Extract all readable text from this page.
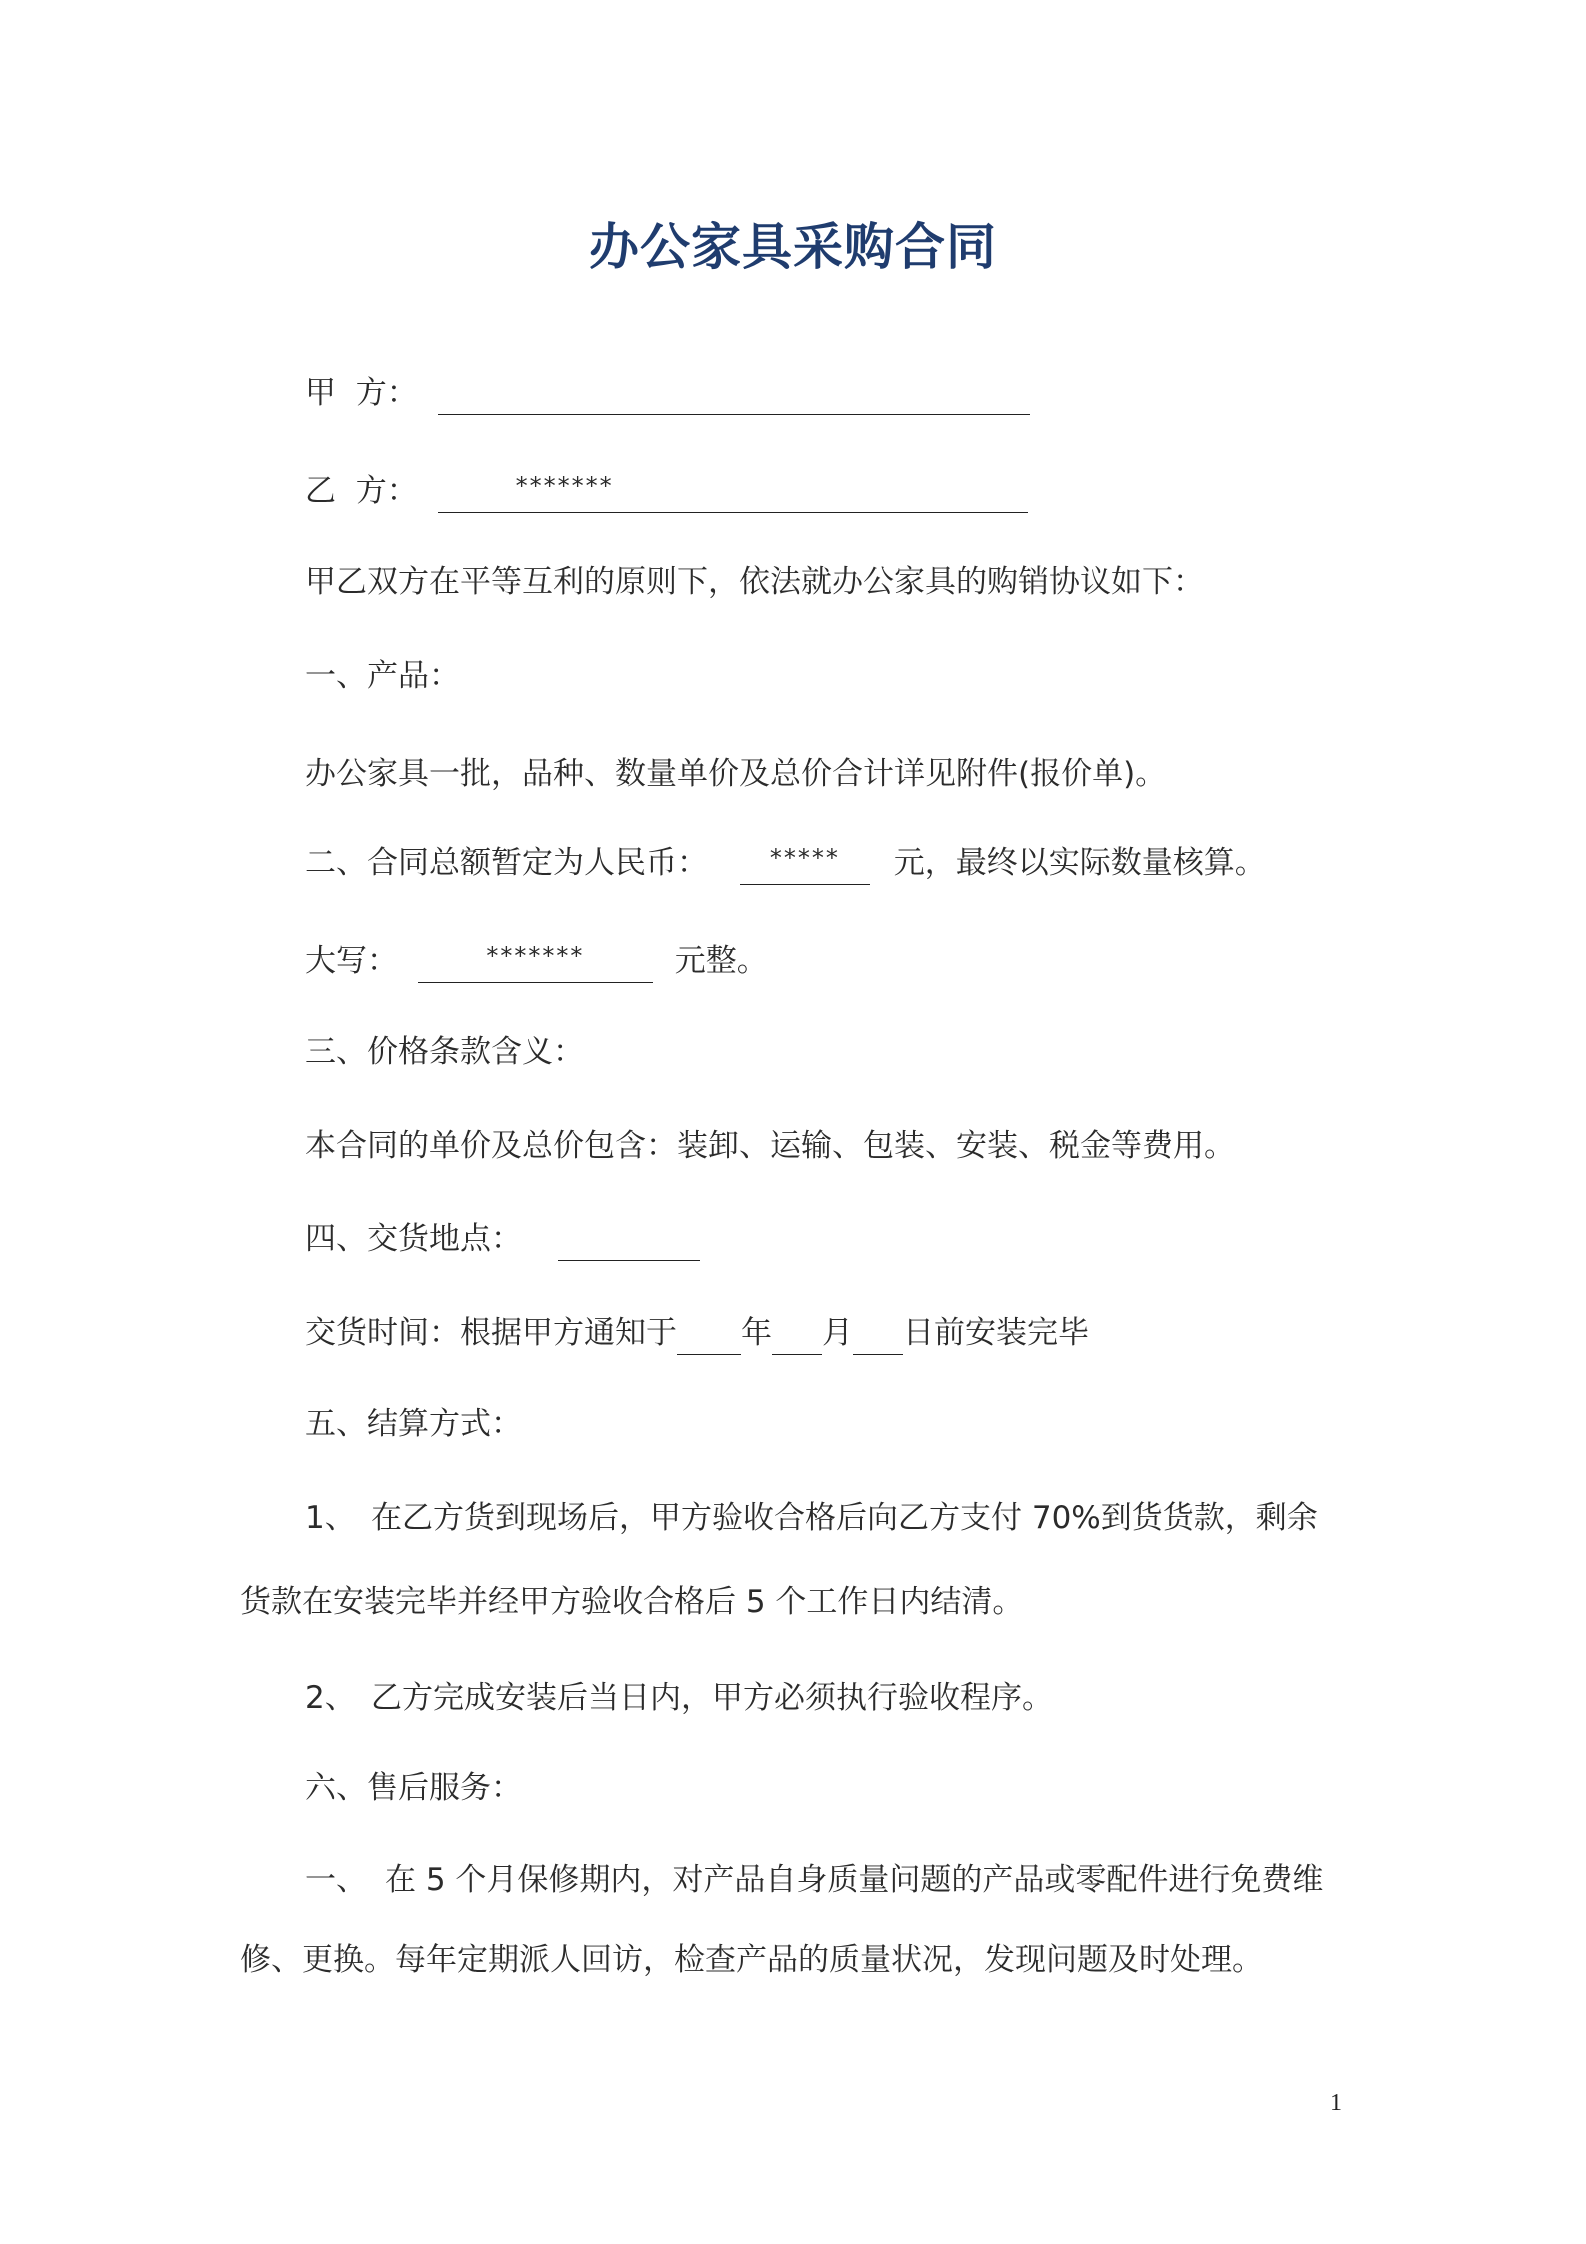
办公家具采购合同
甲  方：
乙  方：	*******
甲乙双方在平等互利的原则下，依法就办公家具的购销协议如下：
一、产品：
办公家具一批，品种、数量单价及总价合计详见附件(报价单)。
二、合同总额暂定为人民币：	*****	元，最终以实际数量核算。
大写：	*******	元整。
三、价格条款含义：
本合同的单价及总价包含：装卸、运输、包装、安装、税金等费用。
四、交货地点：
交货时间：根据甲方通知于 年 月 日前安装完毕
五、结算方式：
1、 在乙方货到现场后，甲方验收合格后向乙方支付 70%到货货款，剩余
货款在安装完毕并经甲方验收合格后 5 个工作日内结清。
2、 乙方完成安装后当日内，甲方必须执行验收程序。
六、售后服务：
一、 在 5 个月保修期内，对产品自身质量问题的产品或零配件进行免费维
修、更换。每年定期派人回访，检查产品的质量状况，发现问题及时处理。
1
